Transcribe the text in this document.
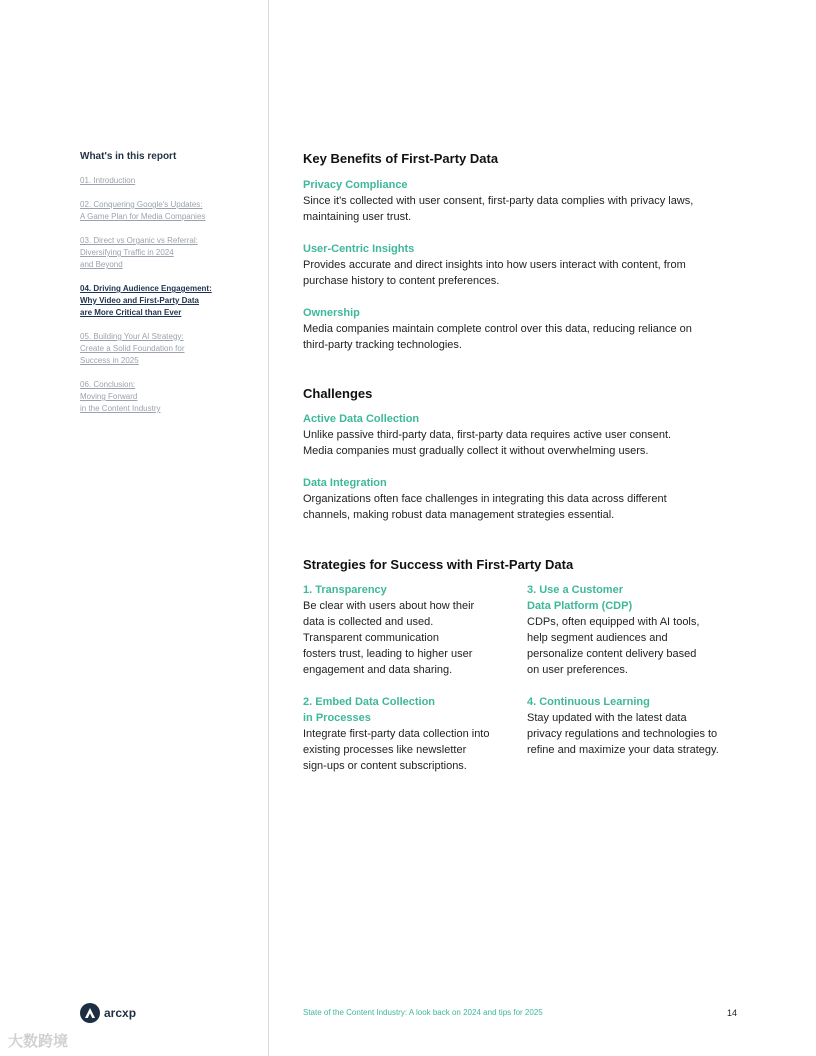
What's in this report
01. Introduction
02. Conquering Google's Updates:
A Game Plan for Media Companies
03. Direct vs Organic vs Referral:
Diversifying Traffic in 2024
and Beyond
04. Driving Audience Engagement:
Why Video and First-Party Data
are More Critical than Ever
05. Building Your AI Strategy:
Create a Solid Foundation for
Success in 2025
06. Conclusion:
Moving Forward
in the Content Industry
Key Benefits of First-Party Data
Privacy Compliance
Since it's collected with user consent, first-party data complies with privacy laws,
maintaining user trust.
User-Centric Insights
Provides accurate and direct insights into how users interact with content, from
purchase history to content preferences.
Ownership
Media companies maintain complete control over this data, reducing reliance on
third-party tracking technologies.
Challenges
Active Data Collection
Unlike passive third-party data, first-party data requires active user consent.
Media companies must gradually collect it without overwhelming users.
Data Integration
Organizations often face challenges in integrating this data across different
channels, making robust data management strategies essential.
Strategies for Success with First-Party Data
1. Transparency
Be clear with users about how their
data is collected and used.
Transparent communication
fosters trust, leading to higher user
engagement and data sharing.
2. Embed Data Collection
in Processes
Integrate first-party data collection into
existing processes like newsletter
sign-ups or content subscriptions.
3. Use a Customer
Data Platform (CDP)
CDPs, often equipped with AI tools,
help segment audiences and
personalize content delivery based
on user preferences.
4. Continuous Learning
Stay updated with the latest data
privacy regulations and technologies to
refine and maximize your data strategy.
arcxp	State of the Content Industry: A look back on 2024 and tips for 2025	14
大数跨境
